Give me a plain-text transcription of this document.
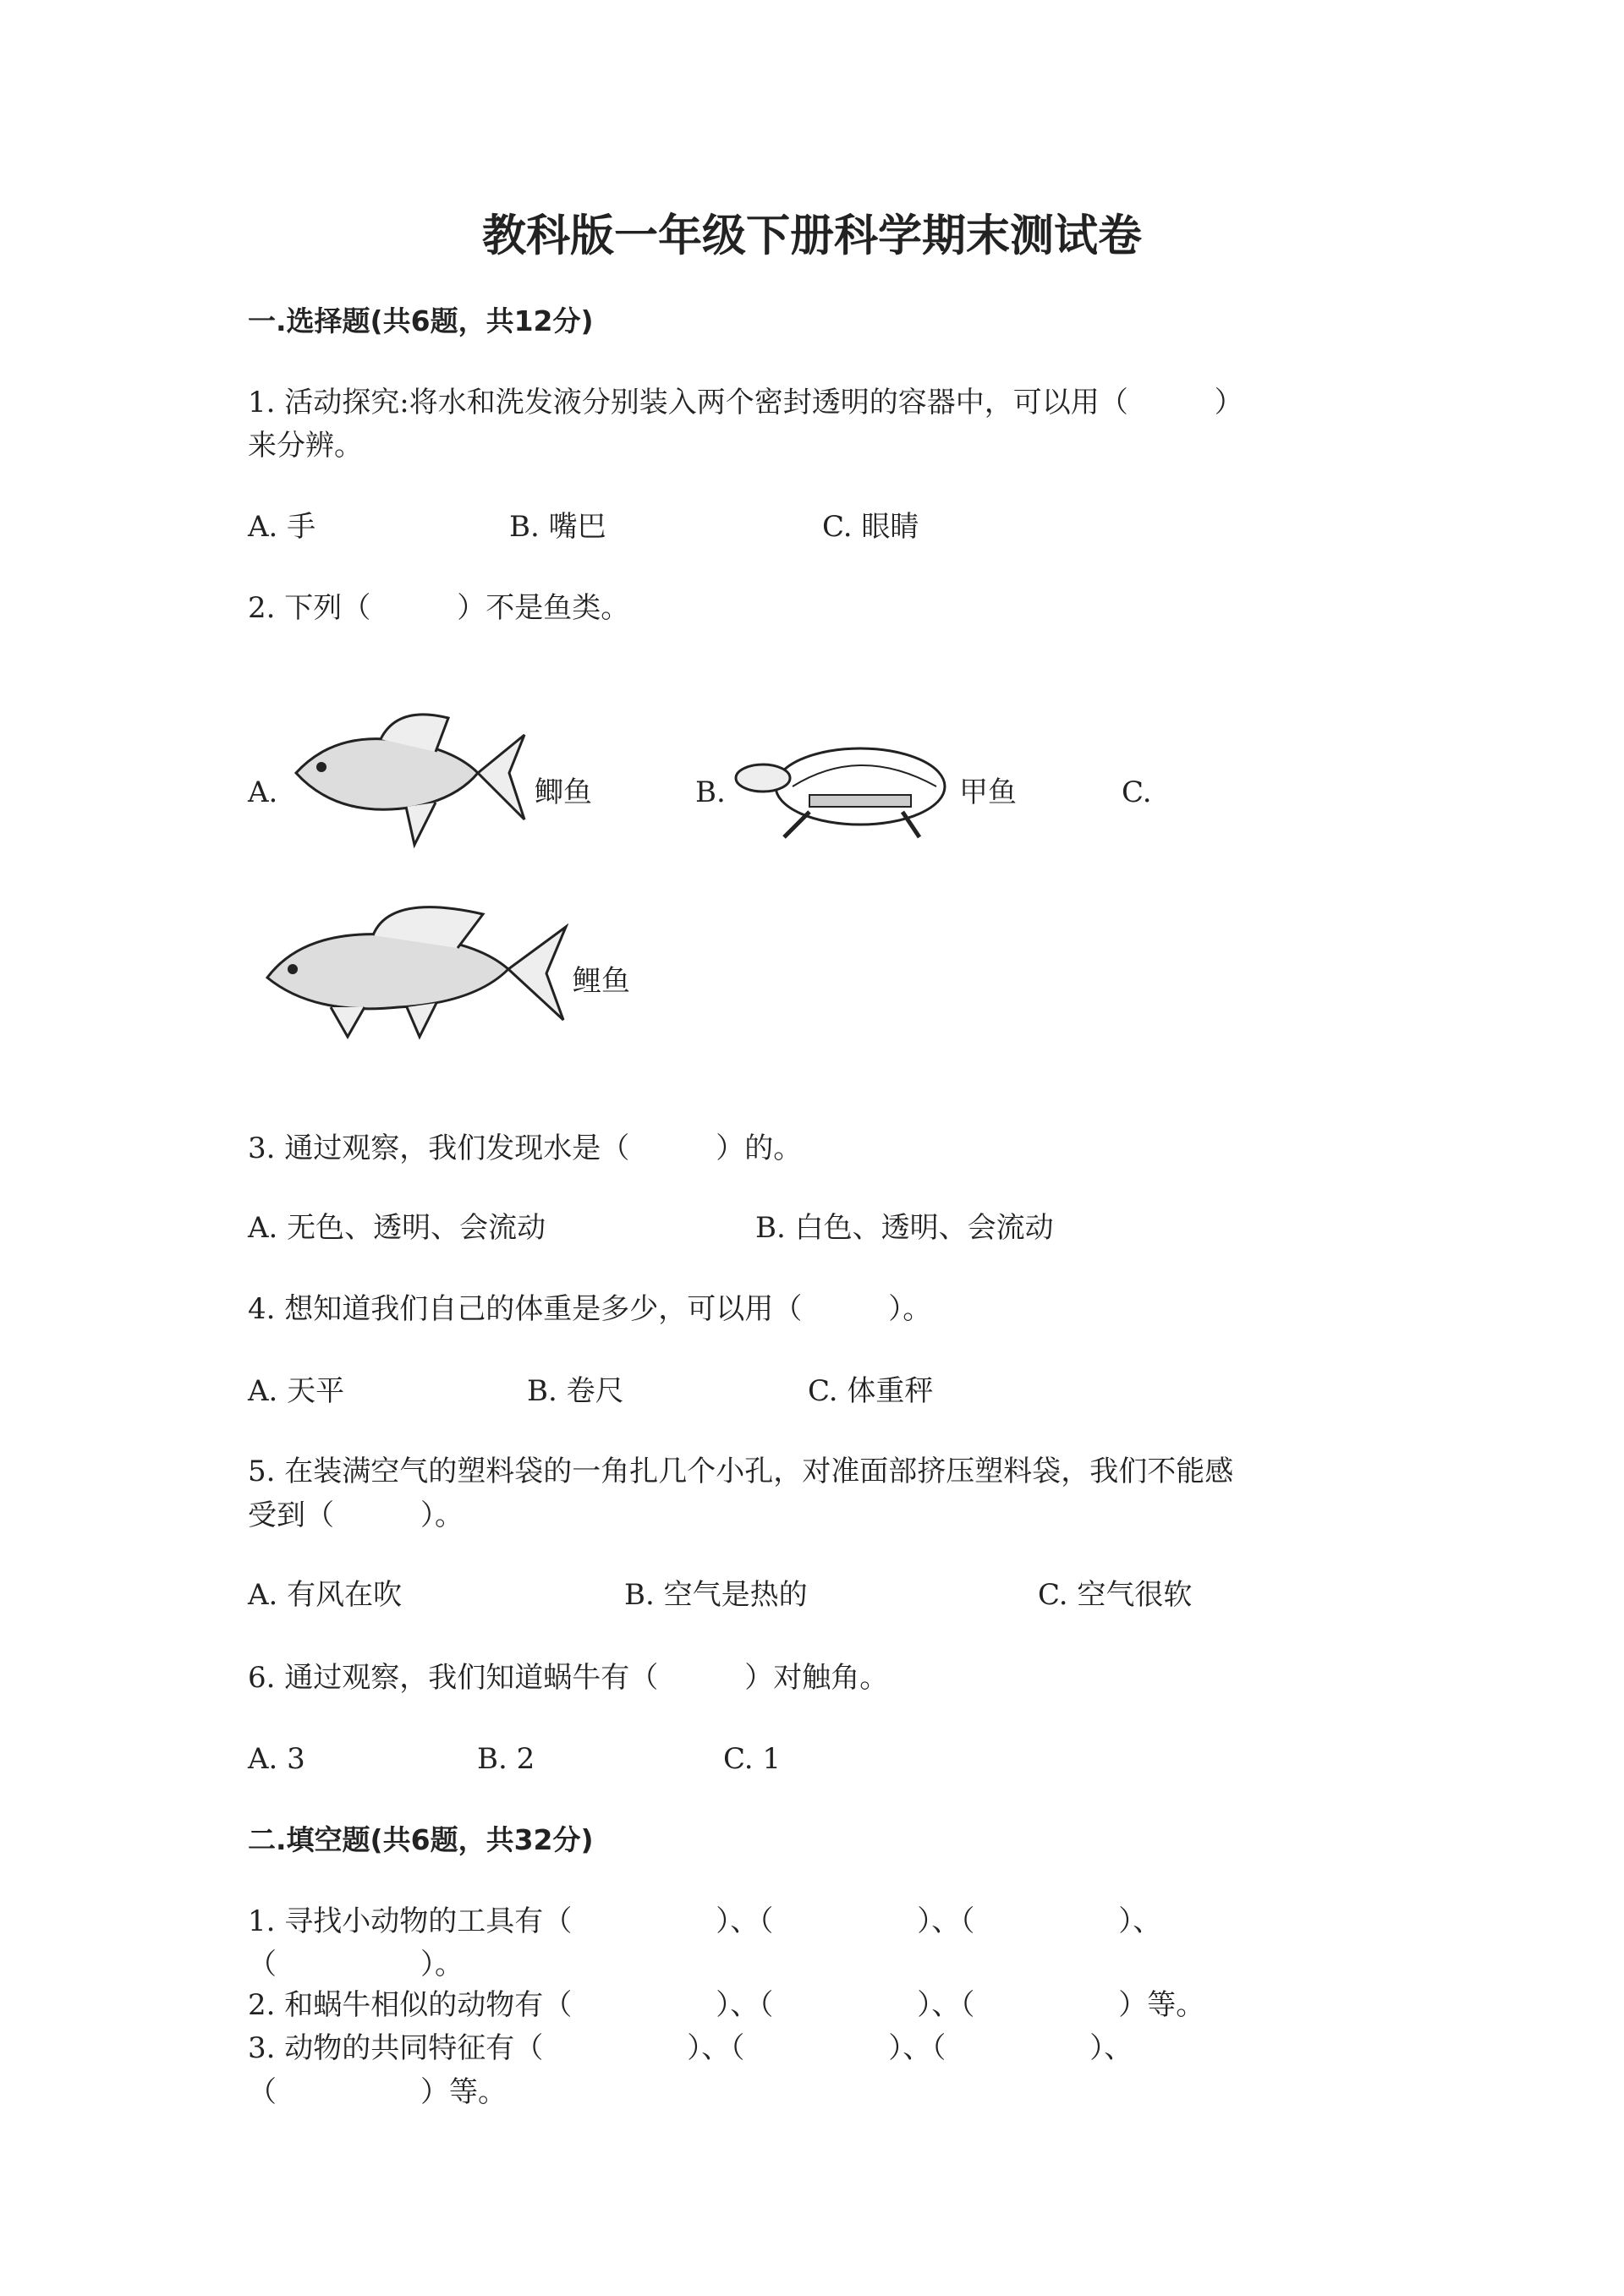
教科版一年级下册科学期末测试卷
一.选择题(共6题，共12分)
1. 活动探究:将水和洗发液分别装入两个密封透明的容器中，可以用（　　　）
来分辨。
A. 手	B. 嘴巴	C. 眼睛
2. 下列（　　　）不是鱼类。
A.	鲫鱼	B.	甲鱼	C.
鲤鱼
3. 通过观察，我们发现水是（　　　）的。
A. 无色、透明、会流动	B. 白色、透明、会流动
4. 想知道我们自己的体重是多少，可以用（　　　）。
A. 天平	B. 卷尺	C. 体重秤
5. 在装满空气的塑料袋的一角扎几个小孔，对准面部挤压塑料袋，我们不能感
受到（　　　）。
A. 有风在吹	B. 空气是热的	C. 空气很软
6. 通过观察，我们知道蜗牛有（　　　）对触角。
A. 3	B. 2	C. 1
二.填空题(共6题，共32分)
1. 寻找小动物的工具有（　　　　　）、（　　　　　）、（　　　　　）、
（　　　　　）。
2. 和蜗牛相似的动物有（　　　　　）、（　　　　　）、（　　　　　）等。
3. 动物的共同特征有（　　　　　）、（　　　　　）、（　　　　　）、
（　　　　　）等。
